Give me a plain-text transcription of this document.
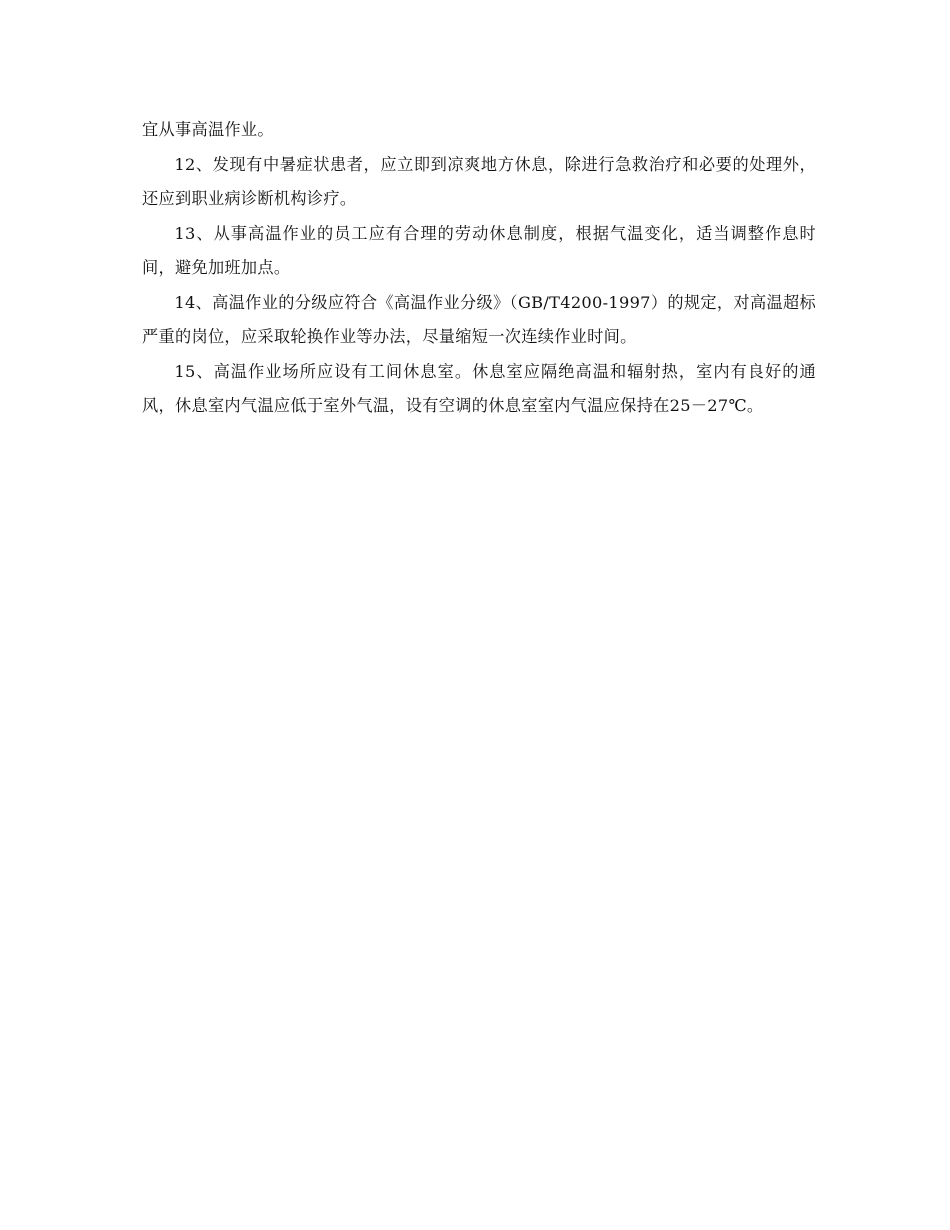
宜从事高温作业。

12、发现有中暑症状患者，应立即到凉爽地方休息，除进行急救治疗和必要的处理外，还应到职业病诊断机构诊疗。

13、从事高温作业的员工应有合理的劳动休息制度，根据气温变化，适当调整作息时间，避免加班加点。

14、高温作业的分级应符合《高温作业分级》（GB/T4200-1997）的规定，对高温超标严重的岗位，应采取轮换作业等办法，尽量缩短一次连续作业时间。

15、高温作业场所应设有工间休息室。休息室应隔绝高温和辐射热，室内有良好的通风，休息室内气温应低于室外气温，设有空调的休息室室内气温应保持在25－27℃。
